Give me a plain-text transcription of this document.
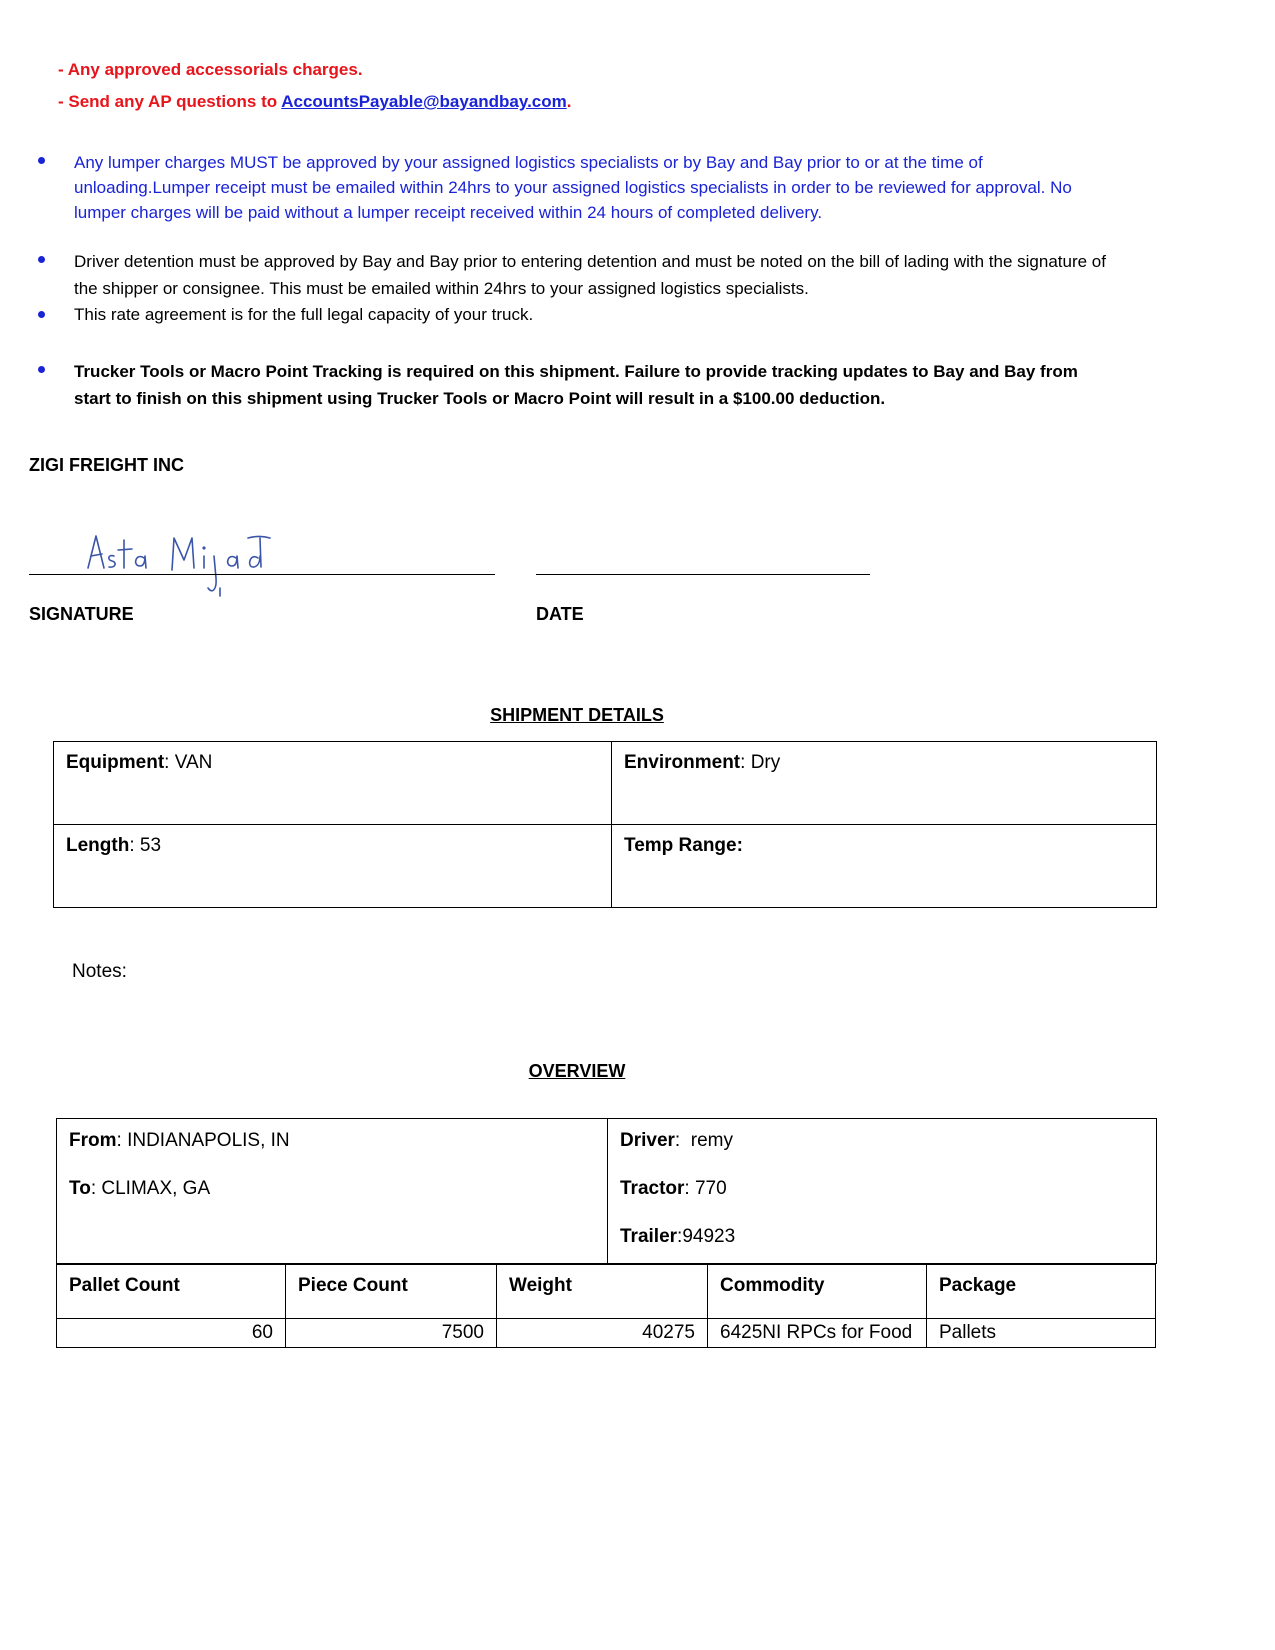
- Any approved accessorials charges.
- Send any AP questions to AccountsPayable@bayandbay.com.
Any lumper charges MUST be approved by your assigned logistics specialists or by Bay and Bay prior to or at the time of unloading.Lumper receipt must be emailed within 24hrs to your assigned logistics specialists in order to be reviewed for approval. No lumper charges will be paid without a lumper receipt received within 24 hours of completed delivery.
Driver detention must be approved by Bay and Bay prior to entering detention and must be noted on the bill of lading with the signature of the shipper or consignee. This must be emailed within 24hrs to your assigned logistics specialists.
This rate agreement is for the full legal capacity of your truck.
Trucker Tools or Macro Point Tracking is required on this shipment. Failure to provide tracking updates to Bay and Bay from start to finish on this shipment using Trucker Tools or Macro Point will result in a $100.00 deduction.
ZIGI FREIGHT INC
SIGNATURE	DATE
SHIPMENT DETAILS
Equipment: VAN	Environment: Dry
Length: 53	Temp Range:
Notes:
OVERVIEW
From: INDIANAPOLIS, IN
To: CLIMAX, GA

Driver:  remy
Tractor: 770
Trailer:94923
Pallet Count	Piece Count	Weight	Commodity	Package
60	7500	40275	6425NI RPCs for Food	Pallets
